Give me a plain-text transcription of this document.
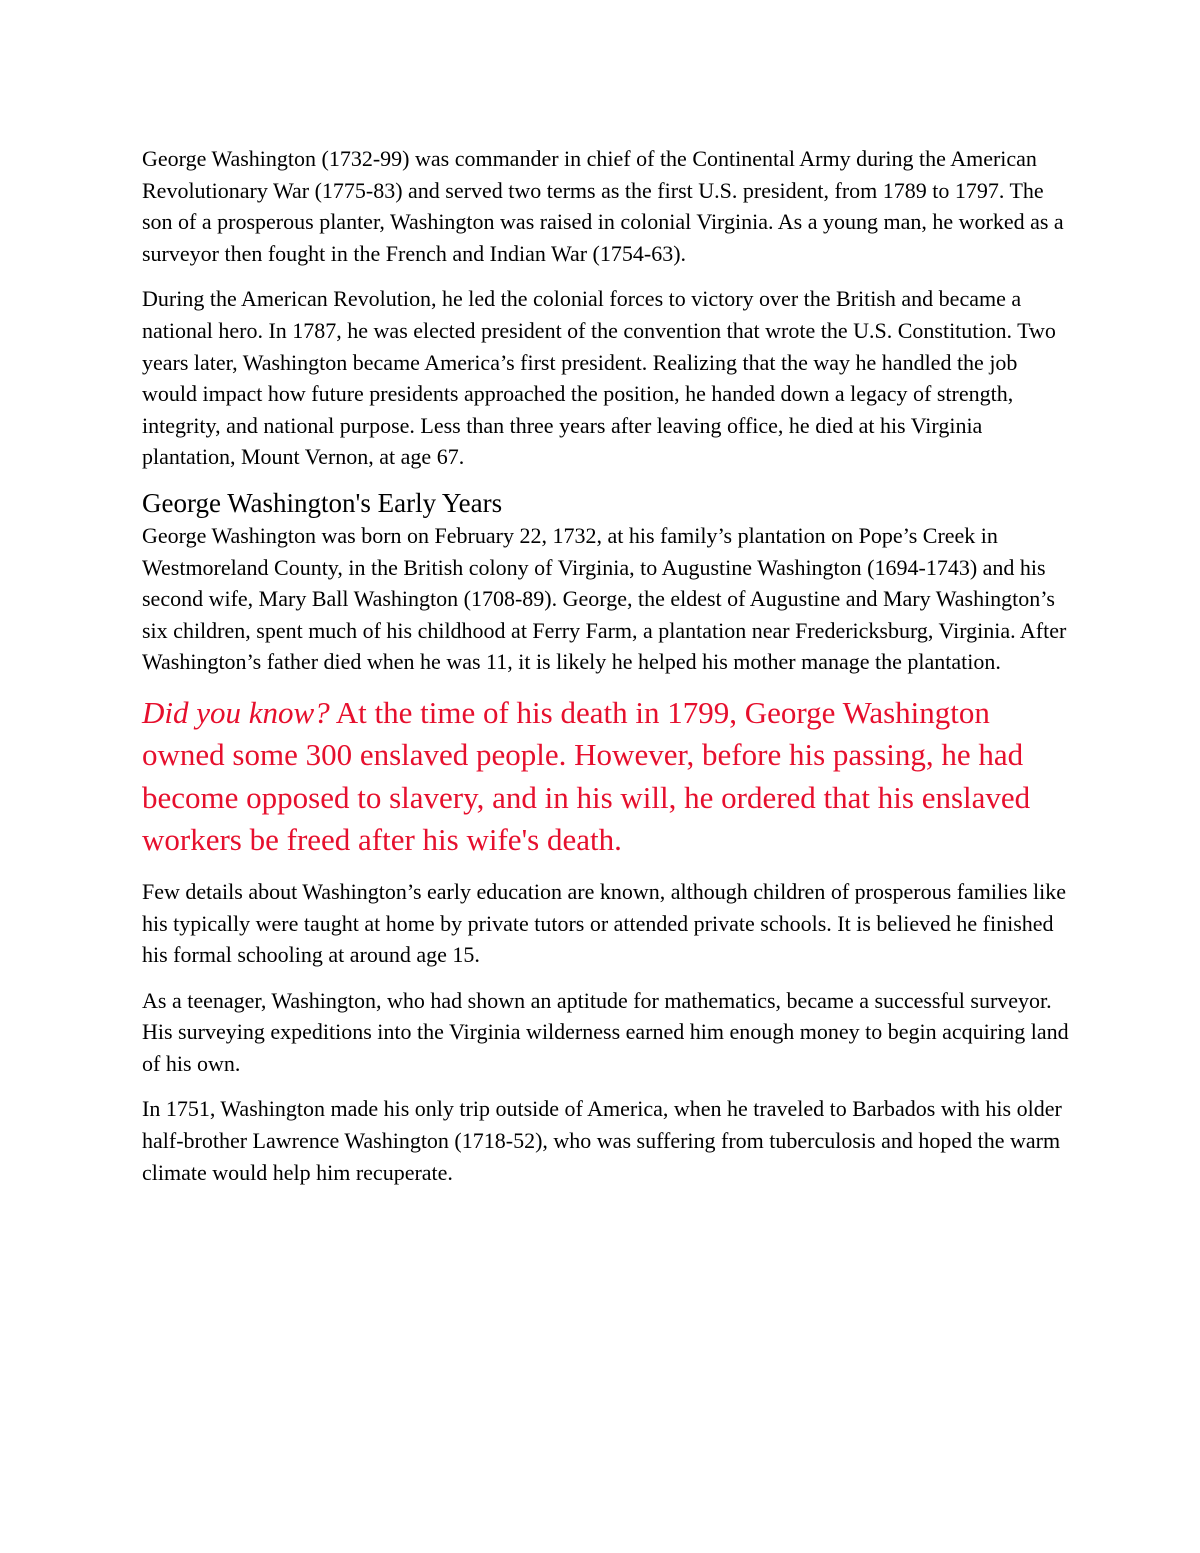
George Washington (1732-99) was commander in chief of the Continental Army during the American Revolutionary War (1775-83) and served two terms as the first U.S. president, from 1789 to 1797. The son of a prosperous planter, Washington was raised in colonial Virginia. As a young man, he worked as a surveyor then fought in the French and Indian War (1754-63).

During the American Revolution, he led the colonial forces to victory over the British and became a national hero. In 1787, he was elected president of the convention that wrote the U.S. Constitution. Two years later, Washington became America’s first president. Realizing that the way he handled the job would impact how future presidents approached the position, he handed down a legacy of strength, integrity, and national purpose. Less than three years after leaving office, he died at his Virginia plantation, Mount Vernon, at age 67.

George Washington's Early Years

George Washington was born on February 22, 1732, at his family’s plantation on Pope’s Creek in Westmoreland County, in the British colony of Virginia, to Augustine Washington (1694-1743) and his second wife, Mary Ball Washington (1708-89). George, the eldest of Augustine and Mary Washington’s six children, spent much of his childhood at Ferry Farm, a plantation near Fredericksburg, Virginia. After Washington’s father died when he was 11, it is likely he helped his mother manage the plantation.

Did you know? At the time of his death in 1799, George Washington owned some 300 enslaved people. However, before his passing, he had become opposed to slavery, and in his will, he ordered that his enslaved workers be freed after his wife's death.

Few details about Washington’s early education are known, although children of prosperous families like his typically were taught at home by private tutors or attended private schools. It is believed he finished his formal schooling at around age 15.

As a teenager, Washington, who had shown an aptitude for mathematics, became a successful surveyor. His surveying expeditions into the Virginia wilderness earned him enough money to begin acquiring land of his own.

In 1751, Washington made his only trip outside of America, when he traveled to Barbados with his older half-brother Lawrence Washington (1718-52), who was suffering from tuberculosis and hoped the warm climate would help him recuperate.
